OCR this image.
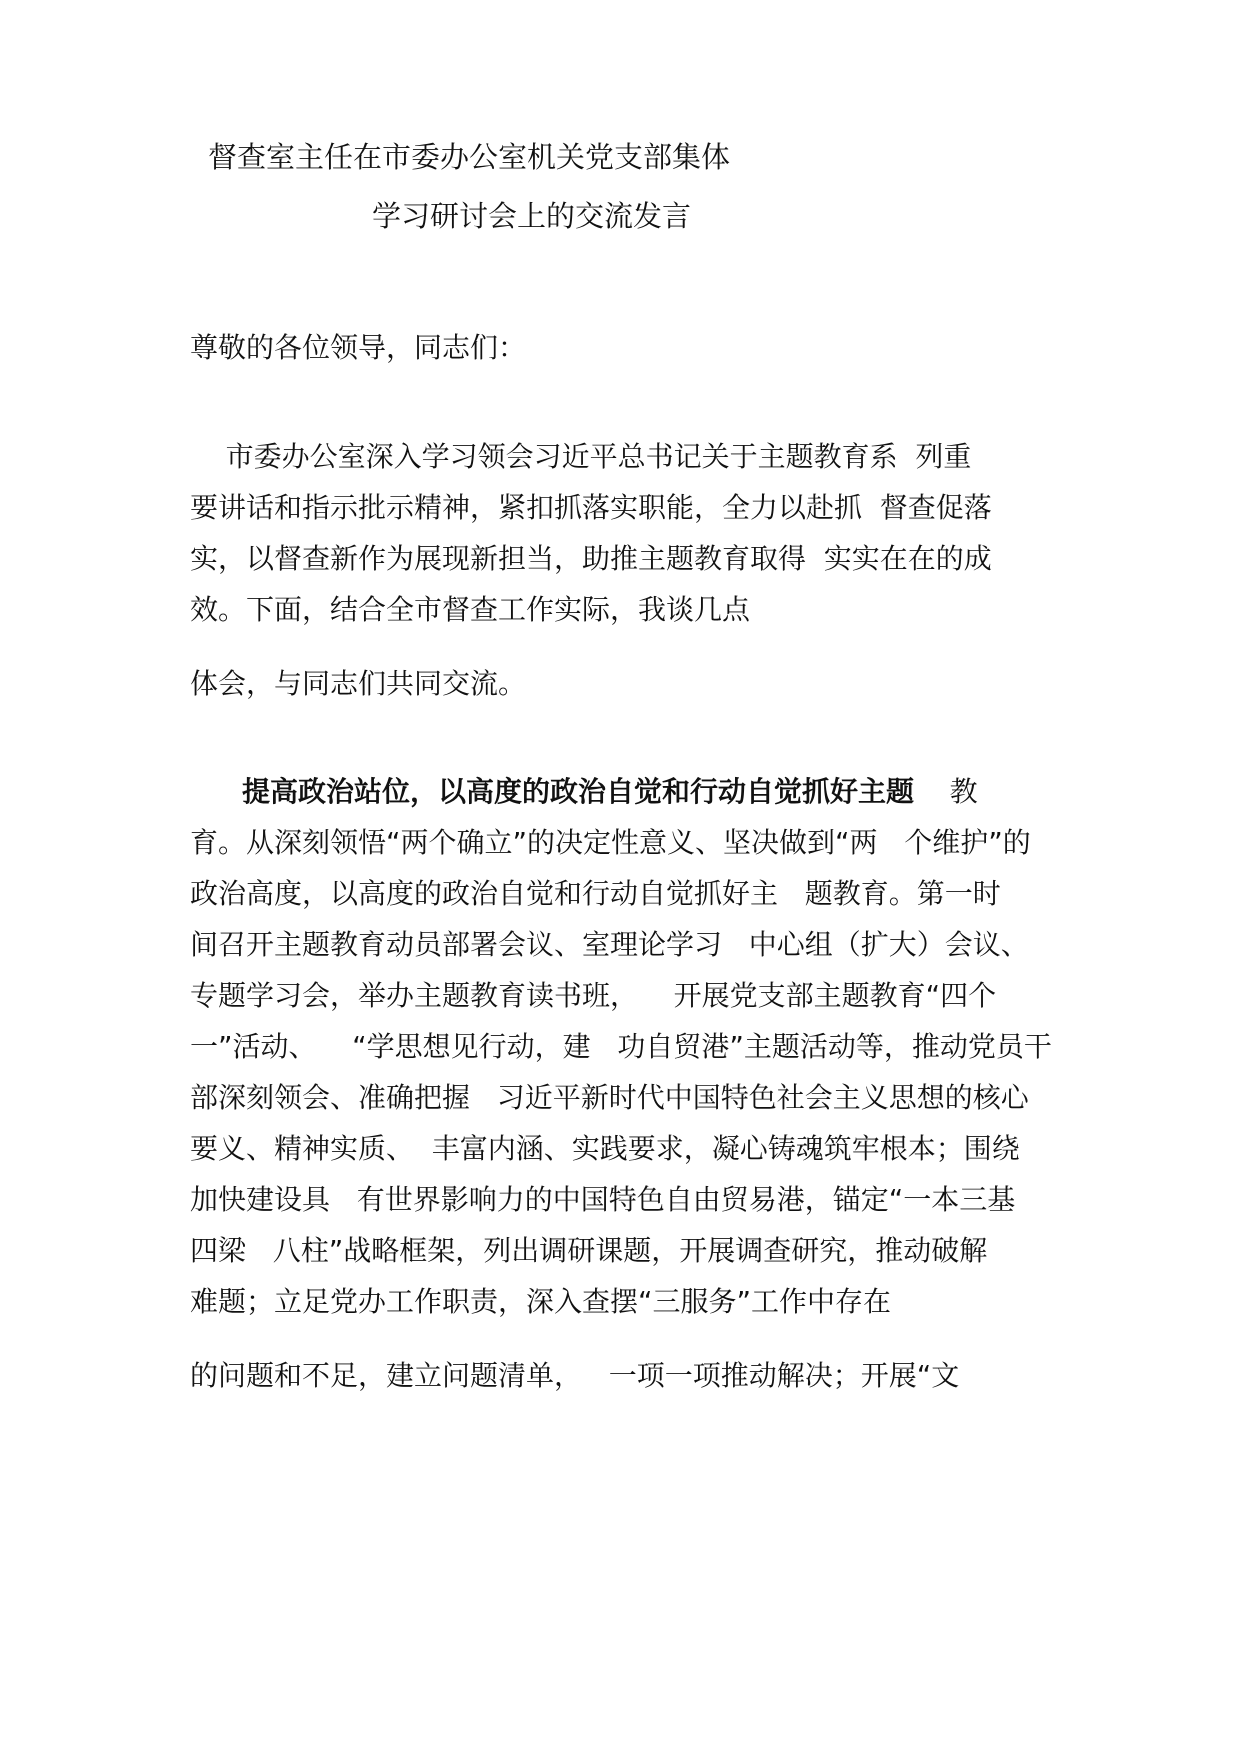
督查室主任在市委办公室机关党支部集体

学习研讨会上的交流发言

尊敬的各位领导，同志们：

市委办公室深入学习领会习近平总书记关于主题教育系  列重

要讲话和指示批示精神，紧扣抓落实职能，全力以赴抓  督查促落

实，以督查新作为展现新担当，助推主题教育取得  实实在在的成

效。下面，结合全市督查工作实际，我谈几点

体会，与同志们共同交流。

提高政治站位，以高度的政治自觉和行动自觉抓好主题    教

育。从深刻领悟“两个确立”的决定性意义、坚决做到“两   个维护”的

政治高度，以高度的政治自觉和行动自觉抓好主   题教育。第一时

间召开主题教育动员部署会议、室理论学习   中心组（扩大）会议、

专题学习会，举办主题教育读书班，    开展党支部主题教育“四个

一”活动、    “学思想见行动，建   功自贸港”主题活动等，推动党员干

部深刻领会、准确把握   习近平新时代中国特色社会主义思想的核心

要义、精神实质、  丰富内涵、实践要求，凝心铸魂筑牢根本；围绕

加快建设具   有世界影响力的中国特色自由贸易港，锚定“一本三基

四梁   八柱”战略框架，列出调研课题，开展调查研究，推动破解

难题；立足党办工作职责，深入查摆“三服务”工作中存在

的问题和不足，建立问题清单，   一项一项推动解决；开展“文
